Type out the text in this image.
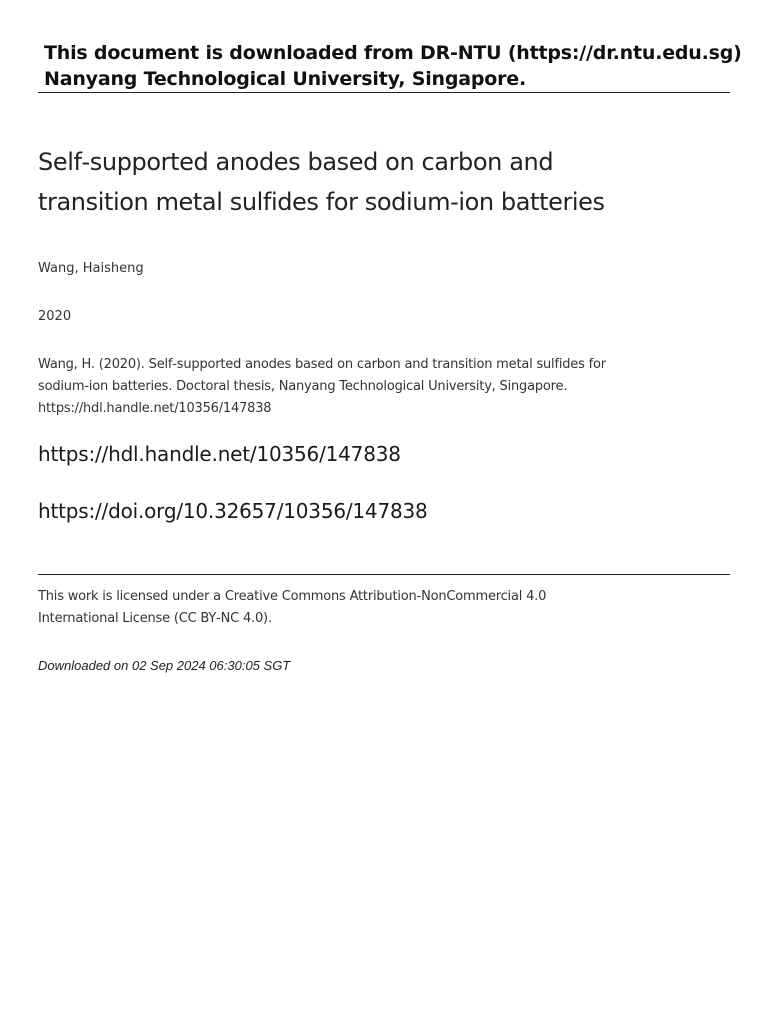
This document is downloaded from DR‑NTU (https://dr.ntu.edu.sg)
Nanyang Technological University, Singapore.
Self‑supported anodes based on carbon and
transition metal sulfides for sodium‑ion batteries
Wang, Haisheng
2020
Wang, H. (2020). Self‑supported anodes based on carbon and transition metal sulfides for
sodium‑ion batteries. Doctoral thesis, Nanyang Technological University, Singapore.
https://hdl.handle.net/10356/147838
https://hdl.handle.net/10356/147838
https://doi.org/10.32657/10356/147838
This work is licensed under a Creative Commons Attribution‑NonCommercial 4.0
International License (CC BY‑NC 4.0).
Downloaded on 02 Sep 2024 06:30:05 SGT
